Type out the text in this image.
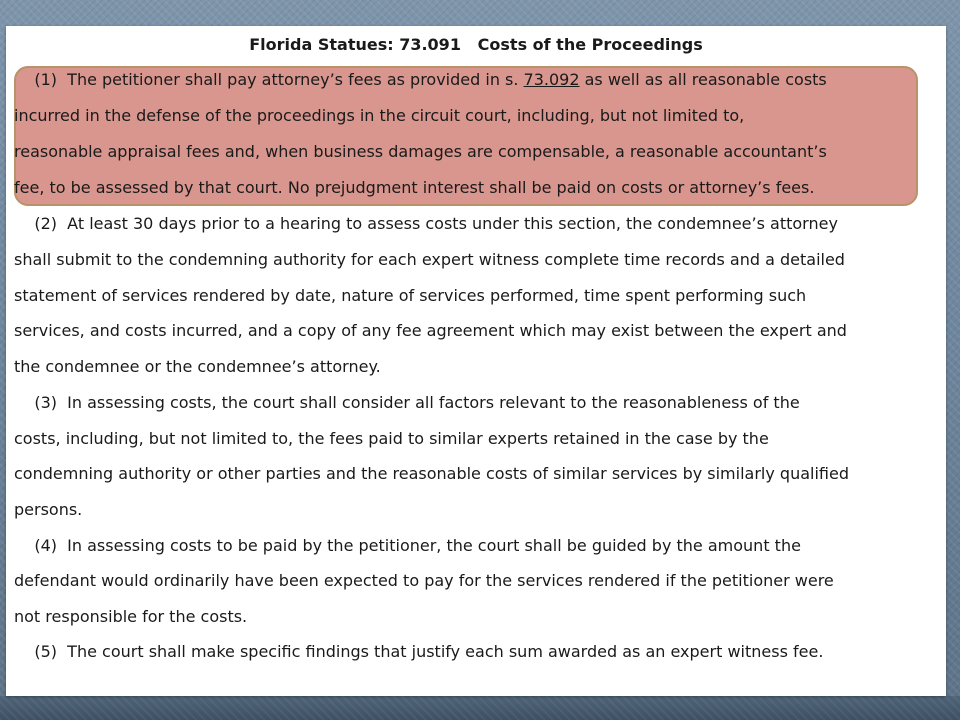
Florida Statues: 73.091   Costs of the Proceedings
(1)  The petitioner shall pay attorney’s fees as provided in s. 73.092 as well as all reasonable costs
incurred in the defense of the proceedings in the circuit court, including, but not limited to,
reasonable appraisal fees and, when business damages are compensable, a reasonable accountant’s
fee, to be assessed by that court. No prejudgment interest shall be paid on costs or attorney’s fees.
(2)  At least 30 days prior to a hearing to assess costs under this section, the condemnee’s attorney
shall submit to the condemning authority for each expert witness complete time records and a detailed
statement of services rendered by date, nature of services performed, time spent performing such
services, and costs incurred, and a copy of any fee agreement which may exist between the expert and
the condemnee or the condemnee’s attorney.
(3)  In assessing costs, the court shall consider all factors relevant to the reasonableness of the
costs, including, but not limited to, the fees paid to similar experts retained in the case by the
condemning authority or other parties and the reasonable costs of similar services by similarly qualified
persons.
(4)  In assessing costs to be paid by the petitioner, the court shall be guided by the amount the
defendant would ordinarily have been expected to pay for the services rendered if the petitioner were
not responsible for the costs.
(5)  The court shall make specific findings that justify each sum awarded as an expert witness fee.
